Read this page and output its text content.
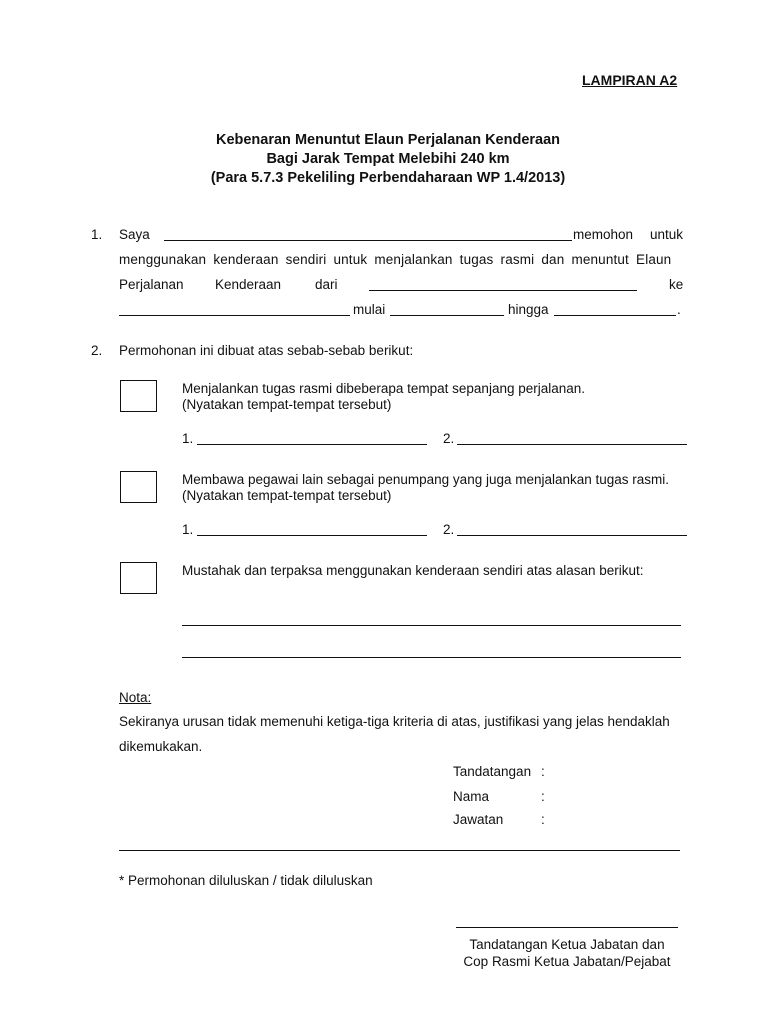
LAMPIRAN A2
Kebenaran Menuntut Elaun Perjalanan Kenderaan
Bagi Jarak Tempat Melebihi 240 km
(Para 5.7.3 Pekeliling Perbendaharaan WP 1.4/2013)
1. Saya	memohon untuk
menggunakan kenderaan sendiri untuk menjalankan tugas rasmi dan menuntut Elaun
Perjalanan Kenderaan	dari	ke
mulai	hingga	.
2. Permohonan ini dibuat atas sebab-sebab berikut:
Menjalankan tugas rasmi dibeberapa tempat sepanjang perjalanan.
(Nyatakan tempat-tempat tersebut)
1.	2.
Membawa pegawai lain sebagai penumpang yang juga menjalankan tugas rasmi.
(Nyatakan tempat-tempat tersebut)
1.	2.
Mustahak dan terpaksa menggunakan kenderaan sendiri atas alasan berikut:
Nota:
Sekiranya urusan tidak memenuhi ketiga-tiga kriteria di atas, justifikasi yang jelas hendaklah
dikemukakan.
Tandatangan :
Nama	:
Jawatan	:
* Permohonan diluluskan / tidak diluluskan
Tandatangan Ketua Jabatan dan
Cop Rasmi Ketua Jabatan/Pejabat
